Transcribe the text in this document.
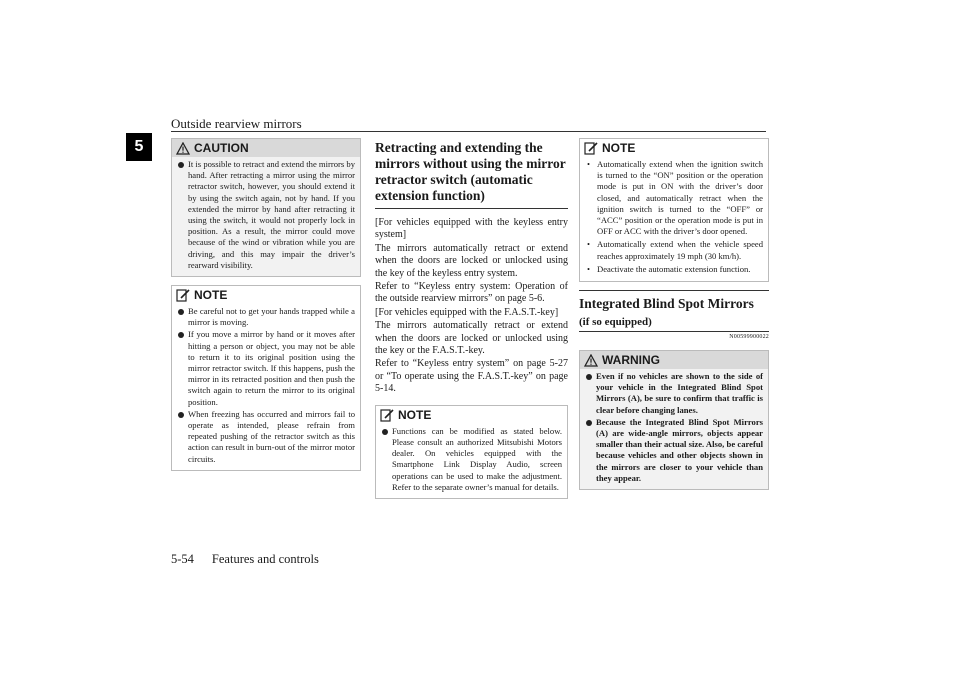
Outside rearview mirrors
5	CAUTION
It is possible to retract and extend the mirrors by hand. After retracting a mirror using the mirror retractor switch, however, you should extend it by using the switch again, not by hand. If you extended the mirror by hand after retracting it using the switch, it would not properly lock in position. As a result, the mirror could move because of the wind or vibration while you are driving, and this may impair the driver’s rearward visibility.
NOTE
Be careful not to get your hands trapped while a mirror is moving.
If you move a mirror by hand or it moves after hitting a person or object, you may not be able to return it to its original position using the mirror retractor switch. If this happens, push the mirror in its retracted position and then push the switch again to return the mirror to its original position.
When freezing has occurred and mirrors fail to operate as intended, please refrain from repeated pushing of the retractor switch as this action can result in burn-out of the mirror motor circuits.
Retracting and extending the mirrors without using the mirror retractor switch (automatic extension function)

[For vehicles equipped with the keyless entry system]

The mirrors automatically retract or extend when the doors are locked or unlocked using the key of the keyless entry system.

Refer to “Keyless entry system: Operation of the outside rearview mirrors” on page 5-6.

[For vehicles equipped with the F.A.S.T.-key]

The mirrors automatically retract or extend when the doors are locked or unlocked using the key or the F.A.S.T.-key.

Refer to “Keyless entry system” on page 5-27 or “To operate using the F.A.S.T.-key” on page 5-14.

NOTE
Functions can be modified as stated below. Please consult an authorized Mitsubishi Motors dealer. On vehicles equipped with the Smartphone Link Display Audio, screen operations can be used to make the adjustment. Refer to the separate owner’s manual for details.
NOTE
• Automatically extend when the ignition switch is turned to the “ON” position or the operation mode is put in ON with the driver’s door closed, and automatically retract when the ignition switch is turned to the “OFF” or “ACC” position or the operation mode is put in OFF or ACC with the driver’s door opened.
• Automatically extend when the vehicle speed reaches approximately 19 mph (30 km/h).
• Deactivate the automatic extension function.
Integrated Blind Spot Mirrors
(if so equipped)
N00599900022
WARNING
Even if no vehicles are shown to the side of your vehicle in the Integrated Blind Spot Mirrors (A), be sure to confirm that traffic is clear before changing lanes.
Because the Integrated Blind Spot Mirrors (A) are wide-angle mirrors, objects appear smaller than their actual size. Also, be careful because vehicles and other objects shown in the mirrors are closer to your vehicle than they appear.
5-54 Features and controls
